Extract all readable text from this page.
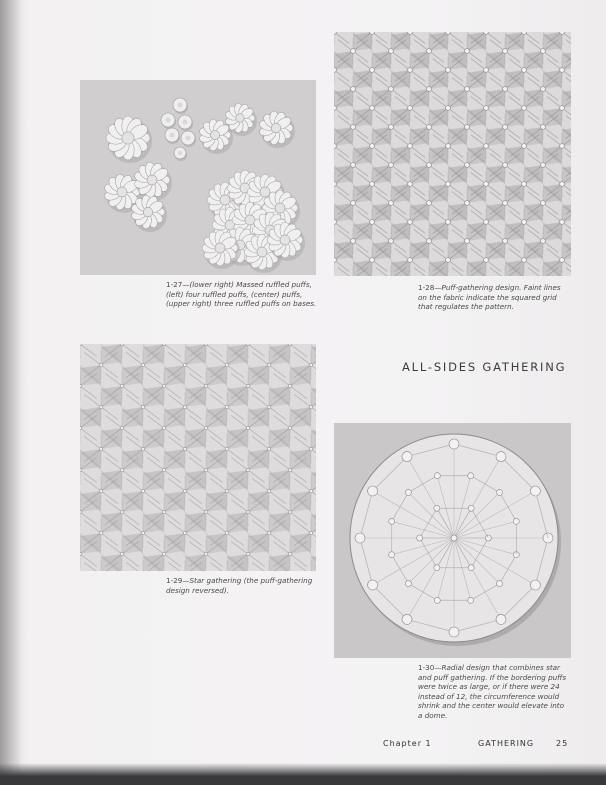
1-27—(lower right) Massed ruffled puffs, (left) four ruffled puffs, (center) puffs, (upper right) three ruffled puffs on bases.
1-28—Puff-gathering design. Faint lines on the fabric indicate the squared grid that regulates the pattern.
ALL-SIDES GATHERING
1-29—Star gathering (the puff-gathering design reversed).
1-30—Radial design that combines star and puff gathering. If the bordering puffs were twice as large, or if there were 24 instead of 12, the circumference would shrink and the center would elevate into a dome.
Chapter 1	GATHERING	25
